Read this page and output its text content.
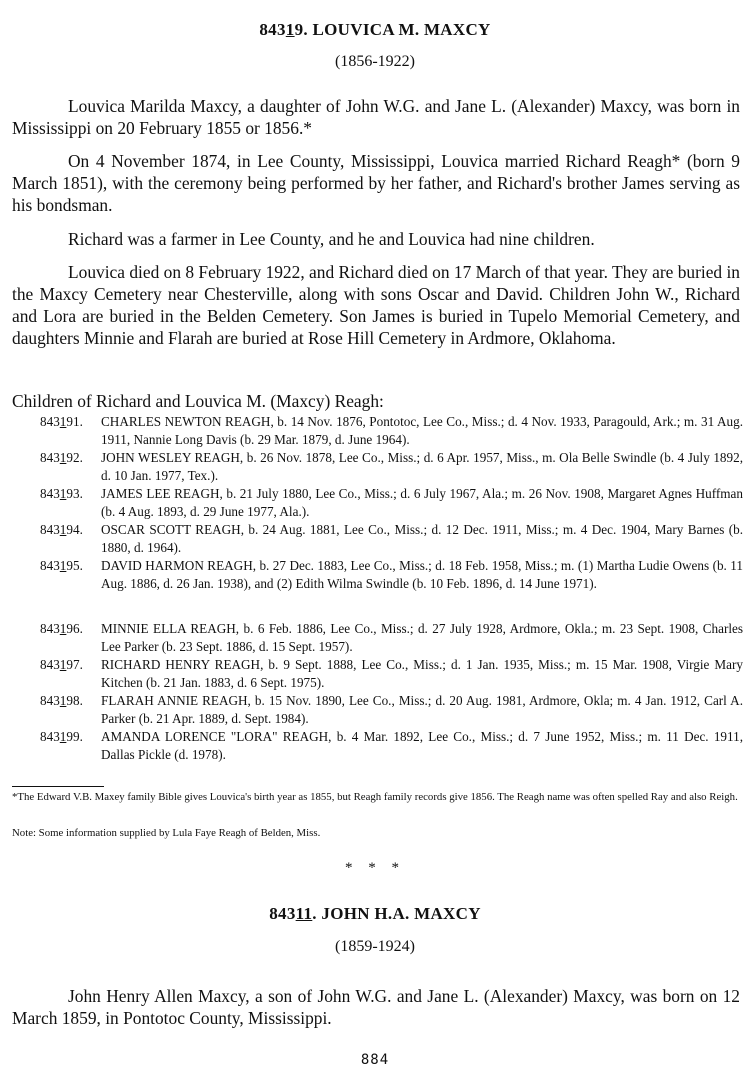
84319. LOUVICA M. MAXCY
(1856-1922)

Louvica Marilda Maxcy, a daughter of John W.G. and Jane L. (Alexander) Maxcy, was born in Mississippi on 20 February 1855 or 1856.*

On 4 November 1874, in Lee County, Mississippi, Louvica married Richard Reagh* (born 9 March 1851), with the ceremony being performed by her father, and Richard's brother James serving as his bondsman.

Richard was a farmer in Lee County, and he and Louvica had nine children.

Louvica died on 8 February 1922, and Richard died on 17 March of that year. They are buried in the Maxcy Cemetery near Chesterville, along with sons Oscar and David. Children John W., Richard and Lora are buried in the Belden Cemetery. Son James is buried in Tupelo Memorial Cemetery, and daughters Minnie and Flarah are buried at Rose Hill Cemetery in Ardmore, Oklahoma.

Children of Richard and Louvica M. (Maxcy) Reagh:

843191. CHARLES NEWTON REAGH, b. 14 Nov. 1876, Pontotoc, Lee Co., Miss.; d. 4 Nov. 1933, Paragould, Ark.; m. 31 Aug. 1911, Nannie Long Davis (b. 29 Mar. 1879, d. June 1964).
843192. JOHN WESLEY REAGH, b. 26 Nov. 1878, Lee Co., Miss.; d. 6 Apr. 1957, Miss., m. Ola Belle Swindle (b. 4 July 1892, d. 10 Jan. 1977, Tex.).
843193. JAMES LEE REAGH, b. 21 July 1880, Lee Co., Miss.; d. 6 July 1967, Ala.; m. 26 Nov. 1908, Margaret Agnes Huffman (b. 4 Aug. 1893, d. 29 June 1977, Ala.).
843194. OSCAR SCOTT REAGH, b. 24 Aug. 1881, Lee Co., Miss.; d. 12 Dec. 1911, Miss.; m. 4 Dec. 1904, Mary Barnes (b. 1880, d. 1964).
843195. DAVID HARMON REAGH, b. 27 Dec. 1883, Lee Co., Miss.; d. 18 Feb. 1958, Miss.; m. (1) Martha Ludie Owens (b. 11 Aug. 1886, d. 26 Jan. 1938), and (2) Edith Wilma Swindle (b. 10 Feb. 1896, d. 14 June 1971).
843196. MINNIE ELLA REAGH, b. 6 Feb. 1886, Lee Co., Miss.; d. 27 July 1928, Ardmore, Okla.; m. 23 Sept. 1908, Charles Lee Parker (b. 23 Sept. 1886, d. 15 Sept. 1957).
843197. RICHARD HENRY REAGH, b. 9 Sept. 1888, Lee Co., Miss.; d. 1 Jan. 1935, Miss.; m. 15 Mar. 1908, Virgie Mary Kitchen (b. 21 Jan. 1883, d. 6 Sept. 1975).
843198. FLARAH ANNIE REAGH, b. 15 Nov. 1890, Lee Co., Miss.; d. 20 Aug. 1981, Ardmore, Okla; m. 4 Jan. 1912, Carl A. Parker (b. 21 Apr. 1889, d. Sept. 1984).
843199. AMANDA LORENCE "LORA" REAGH, b. 4 Mar. 1892, Lee Co., Miss.; d. 7 June 1952, Miss.; m. 11 Dec. 1911, Dallas Pickle (d. 1978).
*The Edward V.B. Maxey family Bible gives Louvica's birth year as 1855, but Reagh family records give 1856. The Reagh name was often spelled Ray and also Reigh.
Note: Some information supplied by Lula Faye Reagh of Belden, Miss.
* * *
84311. JOHN H.A. MAXCY
(1859-1924)

John Henry Allen Maxcy, a son of John W.G. and Jane L. (Alexander) Maxcy, was born on 12 March 1859, in Pontotoc County, Mississippi.

884
